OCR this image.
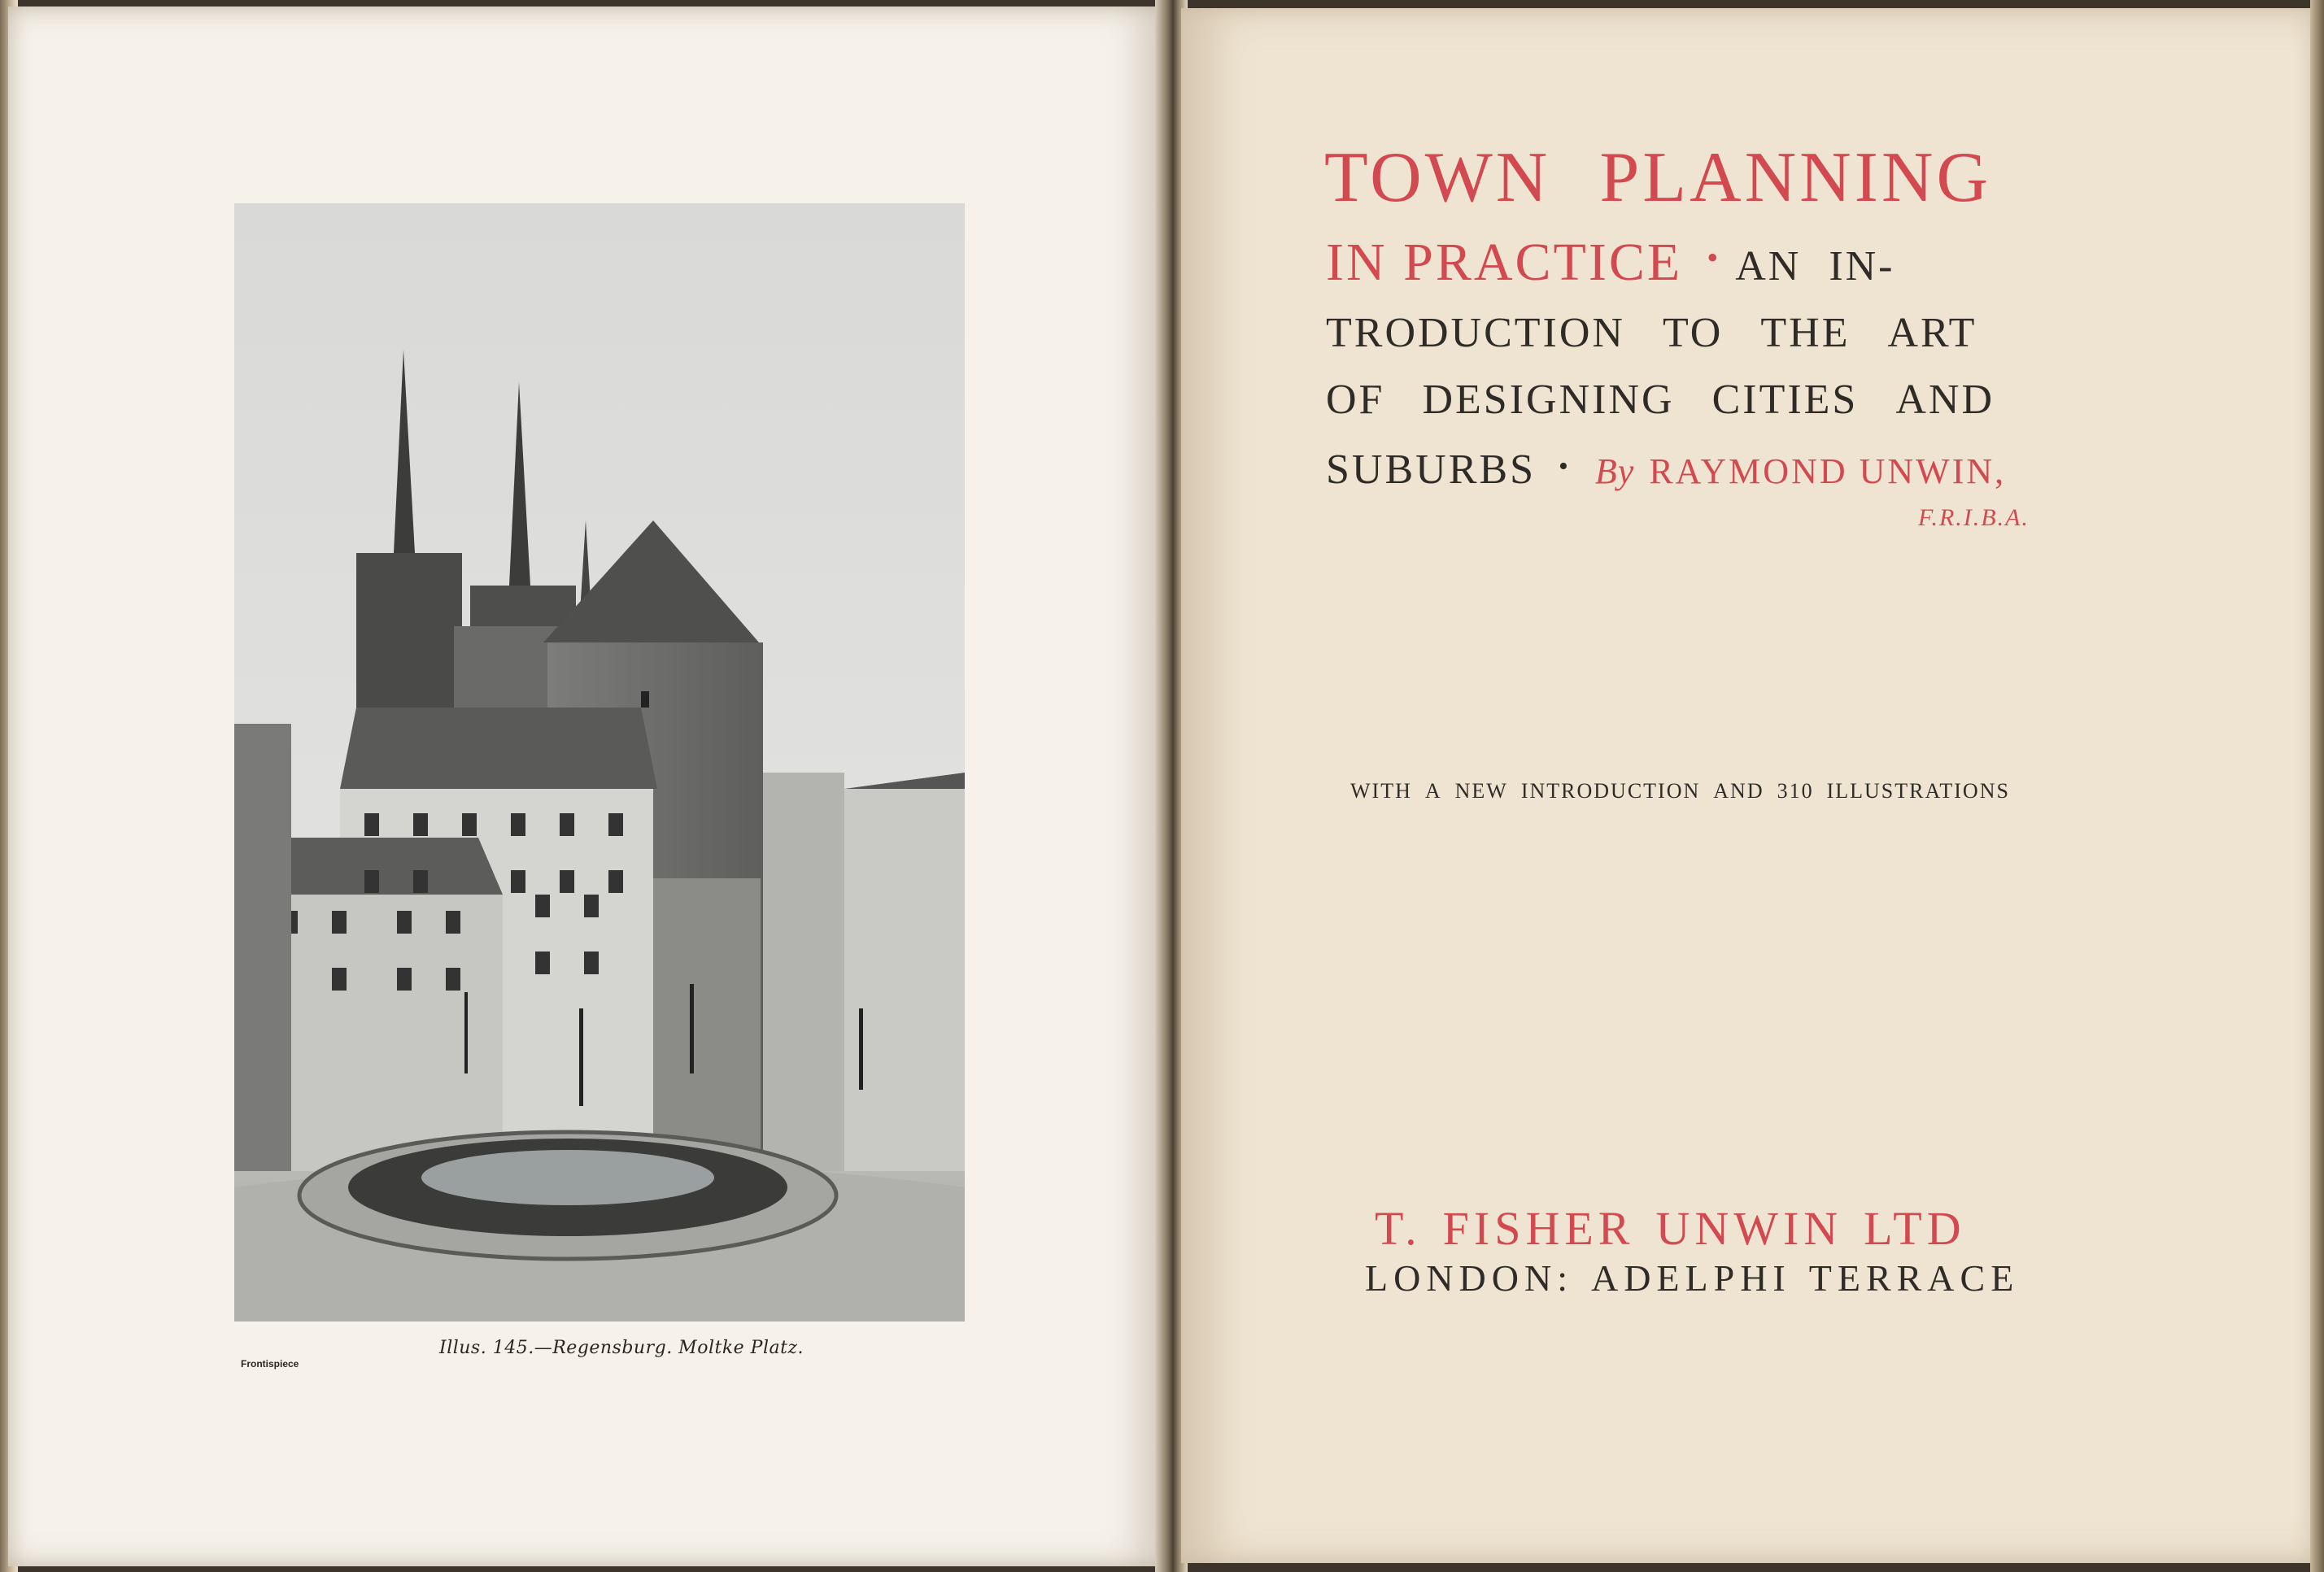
Illus. 145.—Regensburg. Moltke Platz.
Frontispiece
TOWN PLANNING
IN PRACTICE • AN IN-
TRODUCTION TO THE ART
OF DESIGNING CITIES AND
SUBURBS • By RAYMOND UNWIN,
F.R.I.B.A.
WITH A NEW INTRODUCTION AND 310 ILLUSTRATIONS
T. FISHER UNWIN LTD
LONDON: ADELPHI TERRACE
